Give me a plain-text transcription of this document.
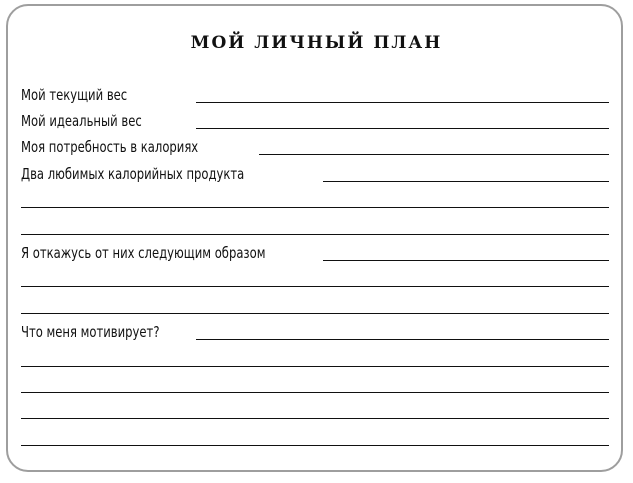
МОЙ ЛИЧНЫЙ ПЛАН
Мой текущий вес
Мой идеальный вес
Моя потребность в калориях
Два любимых калорийных продукта
Я откажусь от них следующим образом
Что меня мотивирует?
